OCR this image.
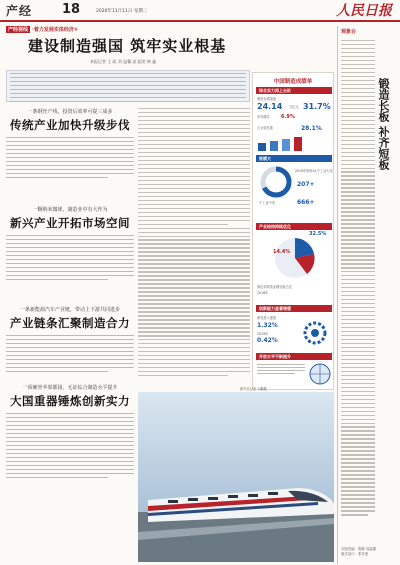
产经 18	2020年11月11日 星期三	人民日报
产经视线 ·着力发展实体经济①
建设制造强国 筑牢实业根基
本报记者 王 政 刘 温馨 邱 超奕 韩 鑫
一条钢丝产线，投资后效率可提三成多
传统产业加快升级步伐
一颗纳米微球，制造业中有大作为
新兴产业开拓市场空间
一条新能源汽车产业链，带动上下游共同进步
产业链条汇聚制造合力
一项硬骨苹果都扬，无证综合制造水平提升
大国重器锤炼创新实力
中国制造成绩单
综合实力再上台阶
制造业增加值
24.14 万亿元 31.7%
年均增长 6.9%
占全球比重	28.1%
规模大
2019年拥有41个工业大类
207+
个工业中类	666+
产业结构持续优化
高技术制造业增加值占比
32.5%
2016年
14.4%
创新能力显著增强
研发投入强度
1.32%
2019年
0.42%
开放水平不断提升
新华社记者 于鹏摄
观象台
锻造长板 补齐短板
本版责编：陈静 刘温馨
版式设计：张芳曼
